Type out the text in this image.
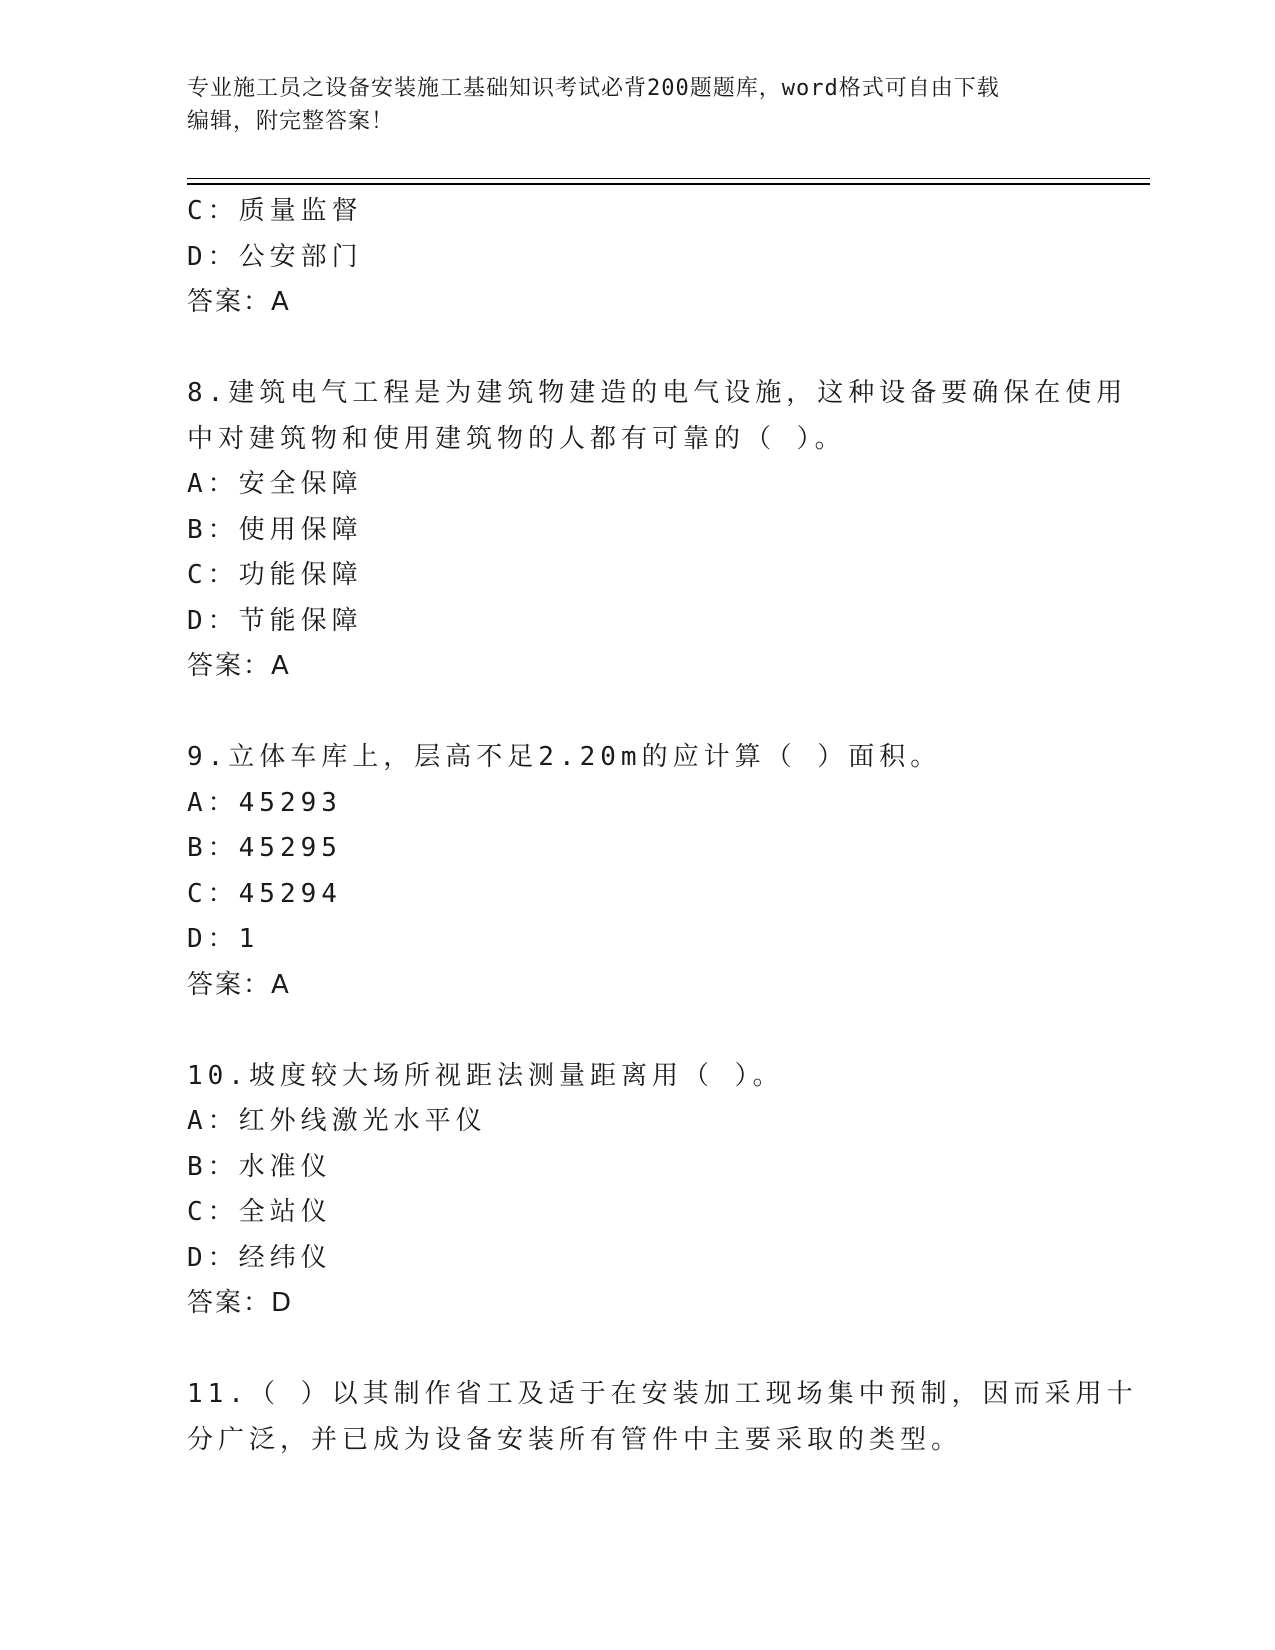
专业施工员之设备安装施工基础知识考试必背200题题库，word格式可自由下载
编辑，附完整答案！
C：质量监督
D：公安部门
答案：A
8.建筑电气工程是为建筑物建造的电气设施，这种设备要确保在使用
中对建筑物和使用建筑物的人都有可靠的（ ）。
A：安全保障
B：使用保障
C：功能保障
D：节能保障
答案：A
9.立体车库上，层高不足2.20m的应计算（ ）面积。
A：45293
B：45295
C：45294
D：1
答案：A
10.坡度较大场所视距法测量距离用（ ）。
A：红外线激光水平仪
B：水准仪
C：全站仪
D：经纬仪
答案：D
11.（ ）以其制作省工及适于在安装加工现场集中预制，因而采用十
分广泛，并已成为设备安装所有管件中主要采取的类型。
